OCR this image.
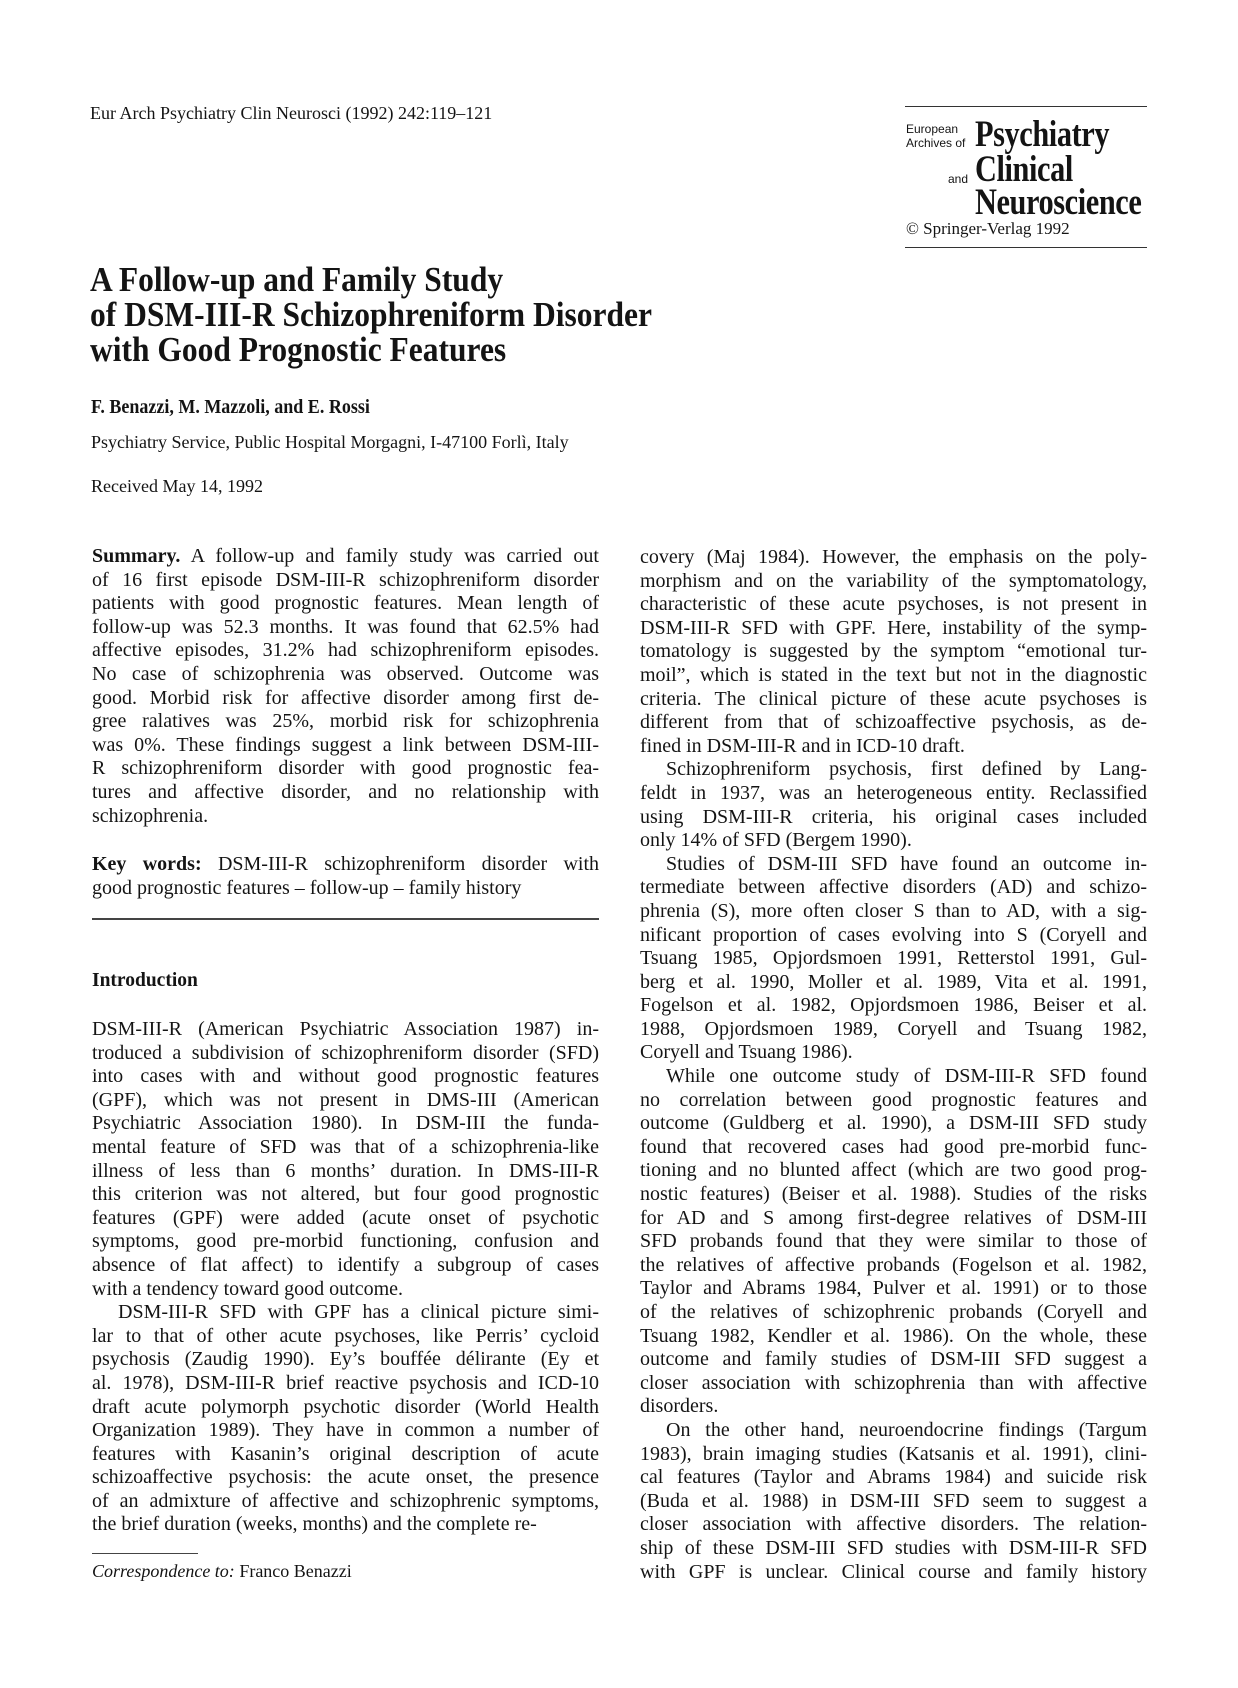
Eur Arch Psychiatry Clin Neurosci (1992) 242:119–121
European
Archives of Psychiatry
and Clinical
Neuroscience
© Springer-Verlag 1992
A Follow-up and Family Study
of DSM-III-R Schizophreniform Disorder
with Good Prognostic Features
F. Benazzi, M. Mazzoli, and E. Rossi
Psychiatry Service, Public Hospital Morgagni, I-47100 Forlì, Italy
Received May 14, 1992
Summary. A follow-up and family study was carried out
of 16 first episode DSM-III-R schizophreniform disorder
patients with good prognostic features. Mean length of
follow-up was 52.3 months. It was found that 62.5% had
affective episodes, 31.2% had schizophreniform episodes.
No case of schizophrenia was observed. Outcome was
good. Morbid risk for affective disorder among first de-
gree ralatives was 25%, morbid risk for schizophrenia
was 0%. These findings suggest a link between DSM-III-
R schizophreniform disorder with good prognostic fea-
tures and affective disorder, and no relationship with
schizophrenia.
Key words: DSM-III-R schizophreniform disorder with
good prognostic features – follow-up – family history
Introduction
DSM-III-R (American Psychiatric Association 1987) in-
troduced a subdivision of schizophreniform disorder (SFD)
into cases with and without good prognostic features
(GPF), which was not present in DMS-III (American
Psychiatric Association 1980). In DSM-III the funda-
mental feature of SFD was that of a schizophrenia-like
illness of less than 6 months’ duration. In DMS-III-R
this criterion was not altered, but four good prognostic
features (GPF) were added (acute onset of psychotic
symptoms, good pre-morbid functioning, confusion and
absence of flat affect) to identify a subgroup of cases
with a tendency toward good outcome.
DSM-III-R SFD with GPF has a clinical picture simi-
lar to that of other acute psychoses, like Perris’ cycloid
psychosis (Zaudig 1990). Ey’s bouffée délirante (Ey et
al. 1978), DSM-III-R brief reactive psychosis and ICD-10
draft acute polymorph psychotic disorder (World Health
Organization 1989). They have in common a number of
features with Kasanin’s original description of acute
schizoaffective psychosis: the acute onset, the presence
of an admixture of affective and schizophrenic symptoms,
the brief duration (weeks, months) and the complete re-
covery (Maj 1984). However, the emphasis on the poly-
morphism and on the variability of the symptomatology,
characteristic of these acute psychoses, is not present in
DSM-III-R SFD with GPF. Here, instability of the symp-
tomatology is suggested by the symptom “emotional tur-
moil”, which is stated in the text but not in the diagnostic
criteria. The clinical picture of these acute psychoses is
different from that of schizoaffective psychosis, as de-
fined in DSM-III-R and in ICD-10 draft.
Schizophreniform psychosis, first defined by Lang-
feldt in 1937, was an heterogeneous entity. Reclassified
using DSM-III-R criteria, his original cases included
only 14% of SFD (Bergem 1990).
Studies of DSM-III SFD have found an outcome in-
termediate between affective disorders (AD) and schizo-
phrenia (S), more often closer S than to AD, with a sig-
nificant proportion of cases evolving into S (Coryell and
Tsuang 1985, Opjordsmoen 1991, Retterstol 1991, Gul-
berg et al. 1990, Moller et al. 1989, Vita et al. 1991,
Fogelson et al. 1982, Opjordsmoen 1986, Beiser et al.
1988, Opjordsmoen 1989, Coryell and Tsuang 1982,
Coryell and Tsuang 1986).
While one outcome study of DSM-III-R SFD found
no correlation between good prognostic features and
outcome (Guldberg et al. 1990), a DSM-III SFD study
found that recovered cases had good pre-morbid func-
tioning and no blunted affect (which are two good prog-
nostic features) (Beiser et al. 1988). Studies of the risks
for AD and S among first-degree relatives of DSM-III
SFD probands found that they were similar to those of
the relatives of affective probands (Fogelson et al. 1982,
Taylor and Abrams 1984, Pulver et al. 1991) or to those
of the relatives of schizophrenic probands (Coryell and
Tsuang 1982, Kendler et al. 1986). On the whole, these
outcome and family studies of DSM-III SFD suggest a
closer association with schizophrenia than with affective
disorders.
On the other hand, neuroendocrine findings (Targum
1983), brain imaging studies (Katsanis et al. 1991), clini-
cal features (Taylor and Abrams 1984) and suicide risk
(Buda et al. 1988) in DSM-III SFD seem to suggest a
closer association with affective disorders. The relation-
ship of these DSM-III SFD studies with DSM-III-R SFD
with GPF is unclear. Clinical course and family history
Correspondence to: Franco Benazzi
